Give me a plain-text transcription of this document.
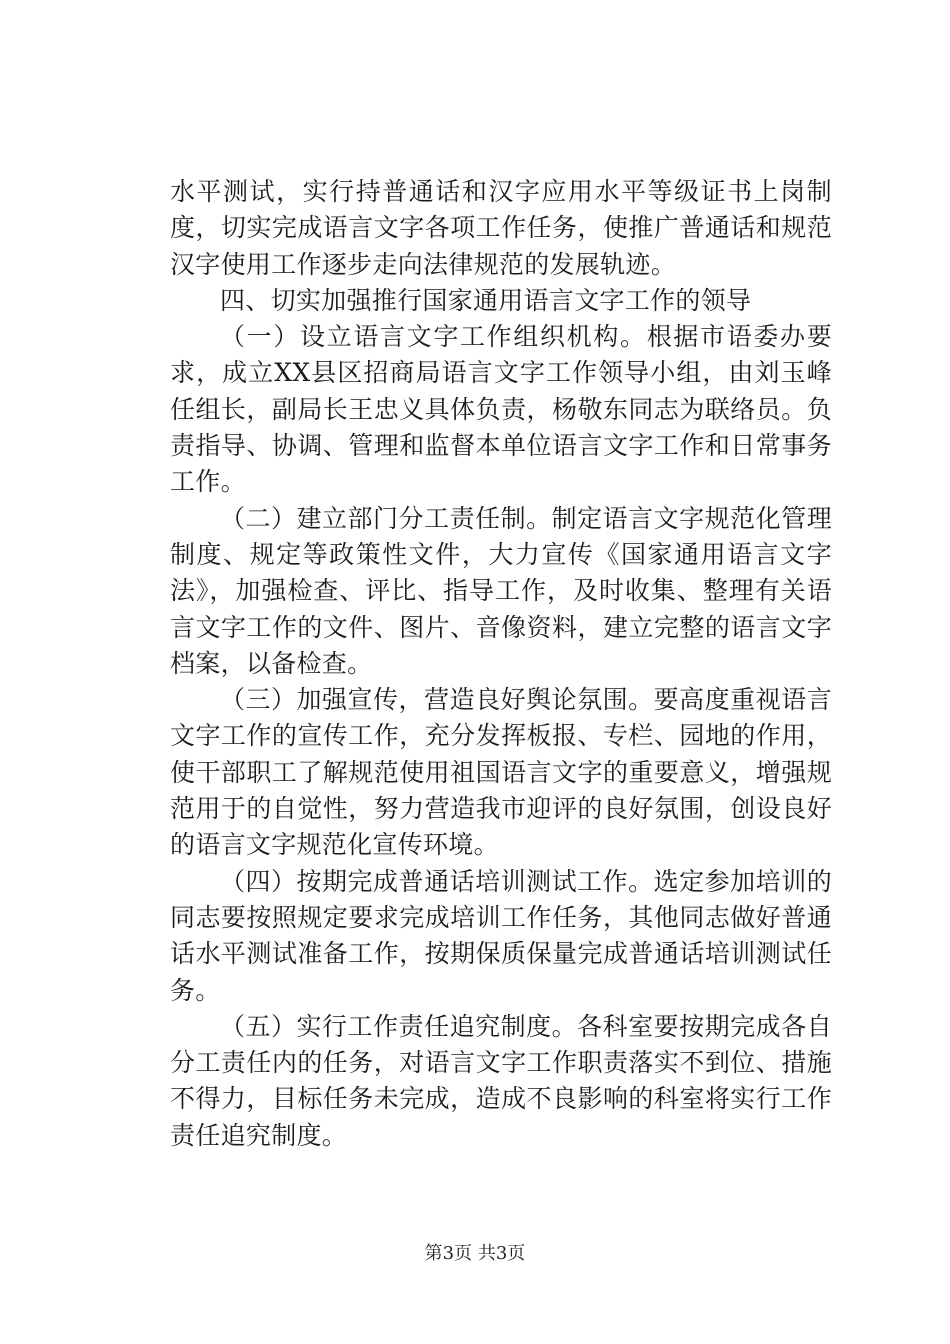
水平测试，实行持普通话和汉字应用水平等级证书上岗制度，切实完成语言文字各项工作任务，使推广普通话和规范汉字使用工作逐步走向法律规范的发展轨迹。

四、切实加强推行国家通用语言文字工作的领导

（一）设立语言文字工作组织机构。根据市语委办要求，成立XX县区招商局语言文字工作领导小组，由刘玉峰任组长，副局长王忠义具体负责，杨敬东同志为联络员。负责指导、协调、管理和监督本单位语言文字工作和日常事务工作。

（二）建立部门分工责任制。制定语言文字规范化管理制度、规定等政策性文件，大力宣传《国家通用语言文字法》，加强检查、评比、指导工作，及时收集、整理有关语言文字工作的文件、图片、音像资料，建立完整的语言文字档案，以备检查。

（三）加强宣传，营造良好舆论氛围。要高度重视语言文字工作的宣传工作，充分发挥板报、专栏、园地的作用，使干部职工了解规范使用祖国语言文字的重要意义，增强规范用于的自觉性，努力营造我市迎评的良好氛围，创设良好的语言文字规范化宣传环境。

（四）按期完成普通话培训测试工作。选定参加培训的同志要按照规定要求完成培训工作任务，其他同志做好普通话水平测试准备工作，按期保质保量完成普通话培训测试任务。

（五）实行工作责任追究制度。各科室要按期完成各自分工责任内的任务，对语言文字工作职责落实不到位、措施不得力，目标任务未完成，造成不良影响的科室将实行工作责任追究制度。

第3页 共3页
